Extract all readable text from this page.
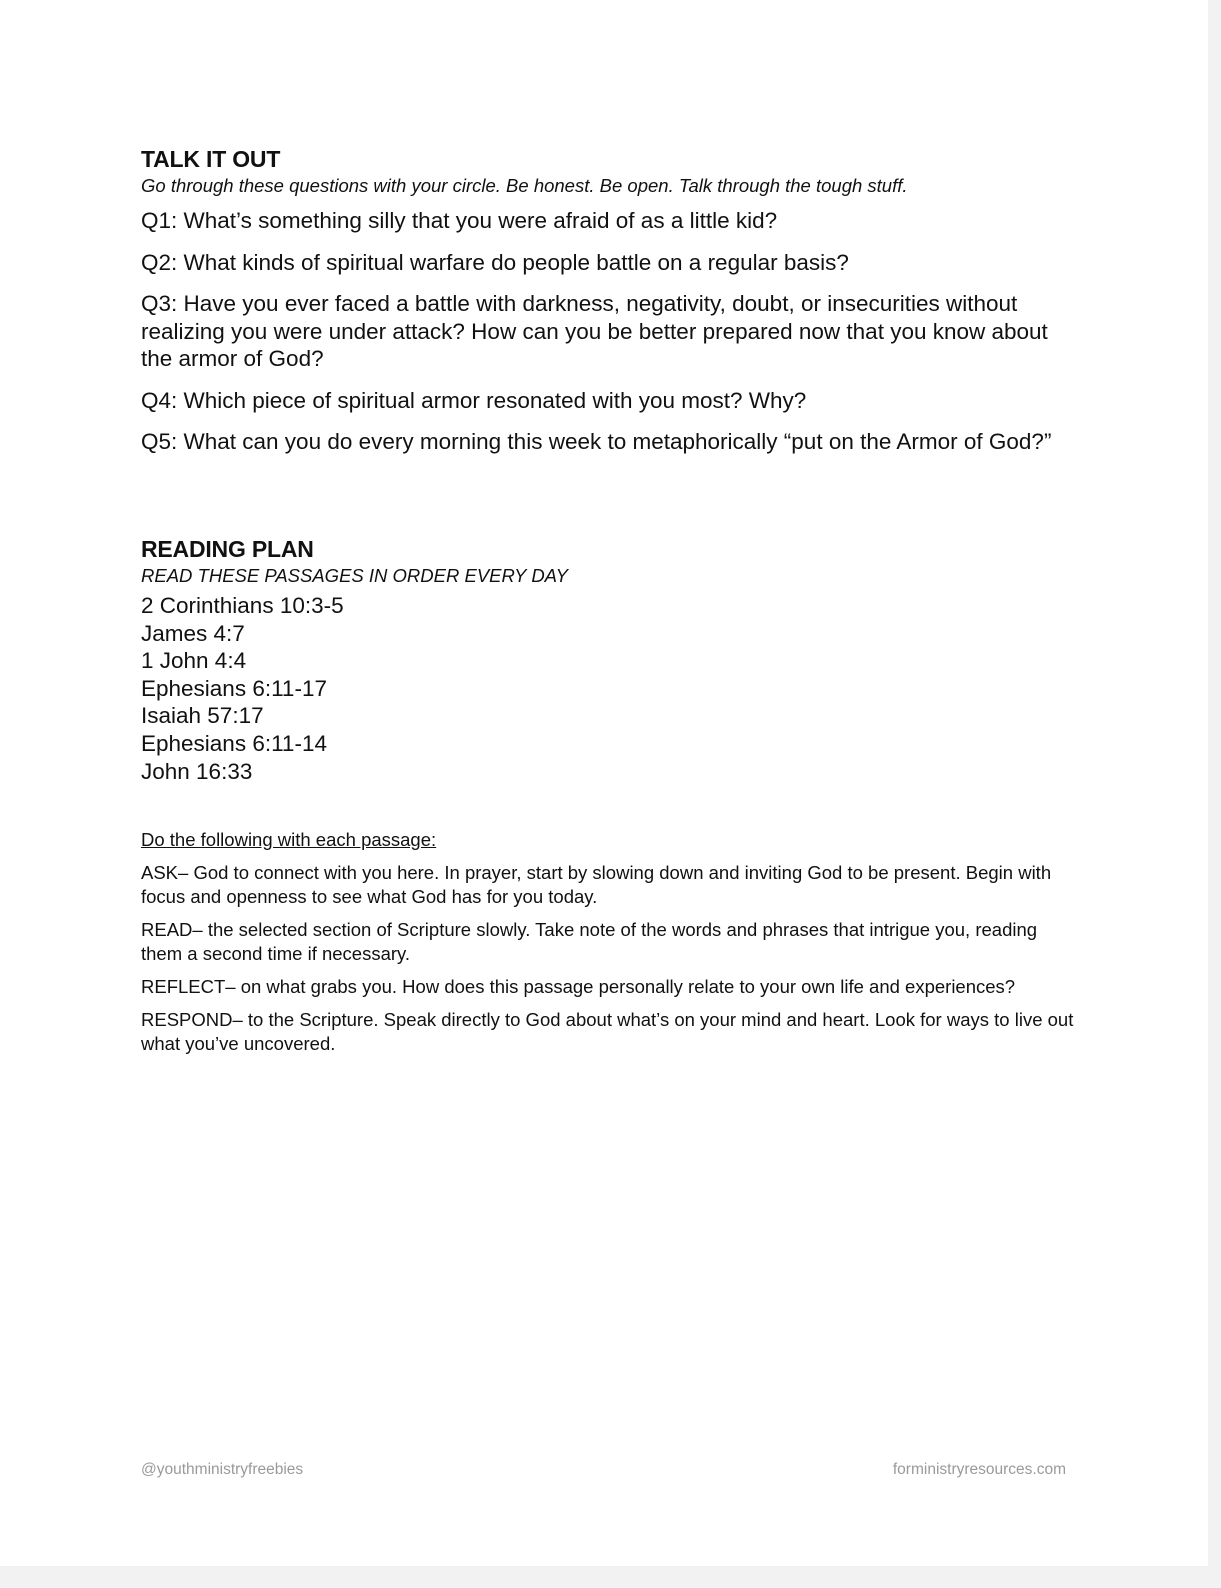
TALK IT OUT

Go through these questions with your circle. Be honest. Be open. Talk through the tough stuff.

Q1: What’s something silly that you were afraid of as a little kid?
Q2: What kinds of spiritual warfare do people battle on a regular basis?
Q3: Have you ever faced a battle with darkness, negativity, doubt, or insecurities without realizing you were under attack? How can you be better prepared now that you know about the armor of God?
Q4: Which piece of spiritual armor resonated with you most? Why?
Q5: What can you do every morning this week to metaphorically “put on the Armor of God?”
READING PLAN

READ THESE PASSAGES IN ORDER EVERY DAY

2 Corinthians 10:3-5
James 4:7
1 John 4:4
Ephesians 6:11-17
Isaiah 57:17
Ephesians 6:11-14
John 16:33

Do the following with each passage:

ASK– God to connect with you here. In prayer, start by slowing down and inviting God to be present. Begin with focus and openness to see what God has for you today.

READ– the selected section of Scripture slowly. Take note of the words and phrases that intrigue you, reading them a second time if necessary.

REFLECT– on what grabs you. How does this passage personally relate to your own life and experiences?

RESPOND– to the Scripture. Speak directly to God about what’s on your mind and heart. Look for ways to live out what you’ve uncovered.

@youthministryfreebies	forministryresources.com
